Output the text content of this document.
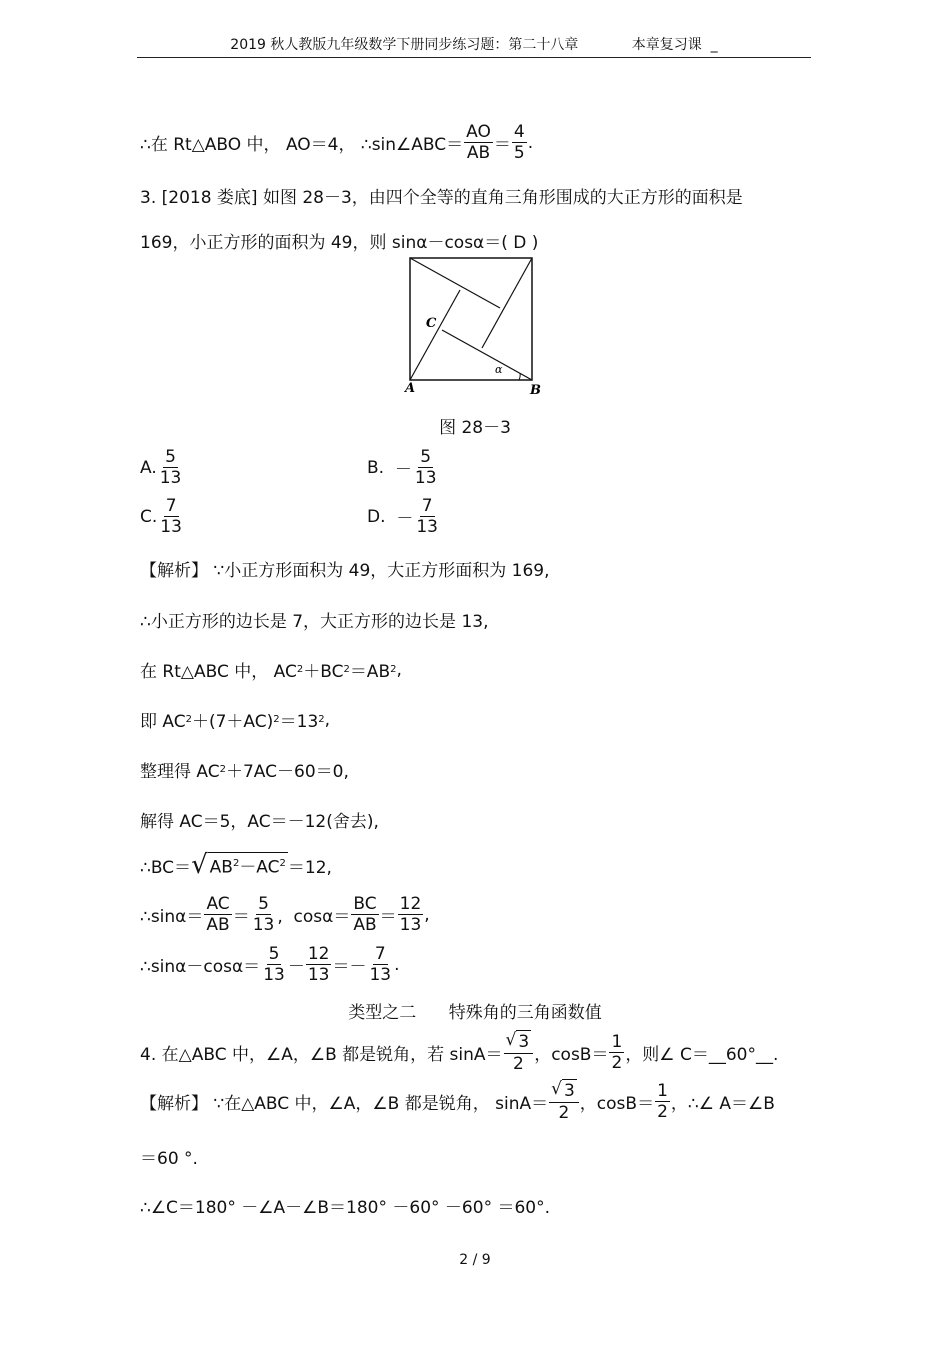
2019 秋人教版九年级数学下册同步练习题：第二十八章            本章复习课  _
∴在 Rt△ABO 中， AO＝4， ∴sin∠ABC＝ $\frac{AO}{AB} = \frac{4}{5}$ .
3. [2018 娄底] 如图 28－3，由四个全等的直角三角形围成的大正方形的面积是
169，小正方形的面积为 49，则 sinα－cosα＝( D )
C
A	B
α
图 28－3
A. $\frac{5}{13}$	B. － $\frac{5}{13}$
C. $\frac{7}{13}$	D. － $\frac{7}{13}$
【解析】 ∵小正方形面积为 49，大正方形面积为 169,
∴小正方形的边长是 7，大正方形的边长是 13,
在 Rt△ABC 中， AC 2 ＋BC 2 ＝AB 2 ,
即 AC 2 ＋(7＋AC) 2 ＝13 2 ,
整理得 AC 2 ＋7AC－60＝0,
解得 AC＝5，AC＝－12(舍去),
∴BC＝ √ $AB^2-AC^2 =12$,
∴sinα＝ $\frac{AC}{AB} = \frac{5}{13}$ ,  $\cos\alpha= \frac{BC}{AB} = \frac{12}{13}$ ,
∴sinα－cosα＝ $\frac{5}{13} - \frac{12}{13} =- \frac{7}{13}$ .
类型之二      特殊角的三角函数值
4. 在△ABC 中，∠A，∠B 都是锐角，若 $\sin A= \frac{√ 3}{2}$ ，$\cos B= \frac{1}{2}$ ，则∠ C＝__60°__.
【解析】 ∵在△ABC 中，∠A，∠B 都是锐角， $\sin A= \frac{√ 3}{2}$ ，$\cos B= \frac{1}{2}$ ，∴∠ A＝∠B
＝60 °.
∴∠C＝180° －∠A－∠B＝180° －60° －60° ＝60°.
2 / 9
